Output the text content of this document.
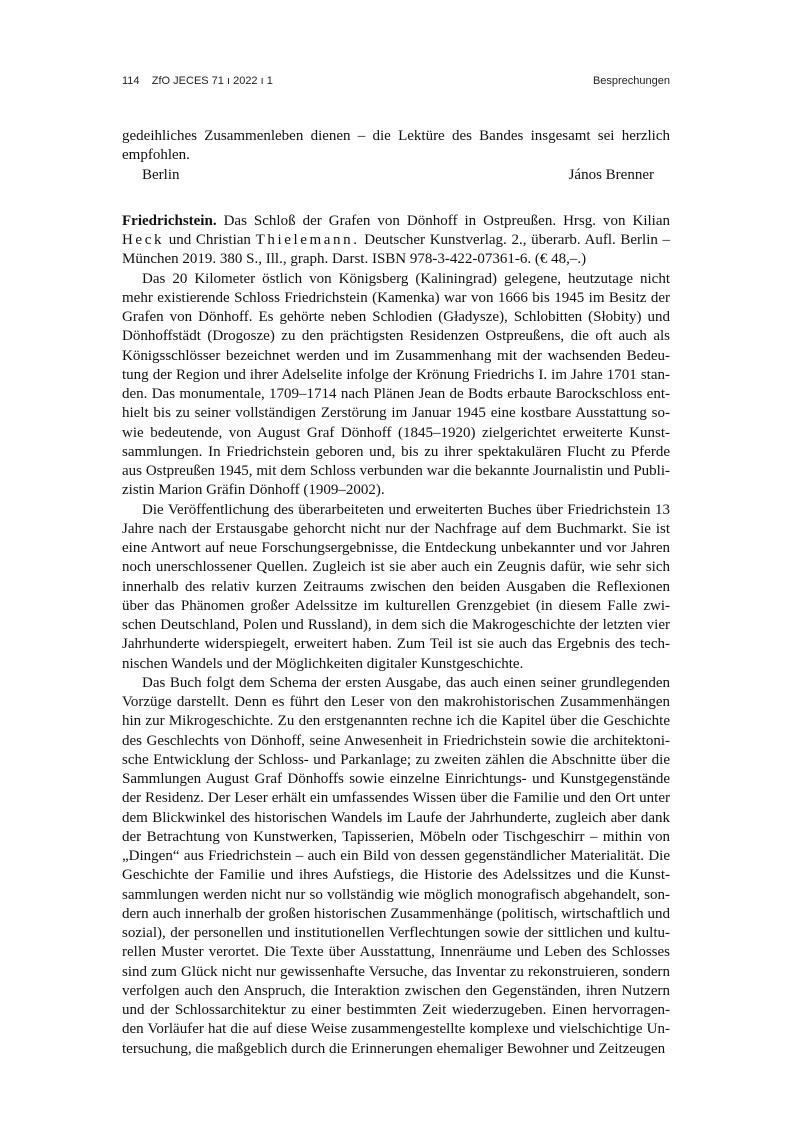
114 ZfO JECES 71 ı 2022 ı 1	Besprechungen

gedeihliches Zusammenleben dienen – die Lektüre des Bandes insgesamt sei herzlich empfohlen.

Berlin	János Brenner

Friedrichstein. Das Schloß der Grafen von Dönhoff in Ostpreußen. Hrsg. von Kilian Heck und Christian Thielemann. Deutscher Kunstverlag. 2., überarb. Aufl. Berlin – München 2019. 380 S., Ill., graph. Darst. ISBN 978-3-422-07361-6. (€ 48,–.)

Das 20 Kilometer östlich von Königsberg (Kaliningrad) gelegene, heutzutage nicht mehr existierende Schloss Friedrichstein (Kamenka) war von 1666 bis 1945 im Besitz der Grafen von Dönhoff. Es gehörte neben Schlodien (Gładysze), Schlobitten (Słobity) und Dönhoffstädt (Drogosze) zu den prächtigsten Residenzen Ostpreußens, die oft auch als Königsschlösser bezeichnet werden und im Zusammenhang mit der wachsenden Bedeutung der Region und ihrer Adelselite infolge der Krönung Friedrichs I. im Jahre 1701 standen. Das monumentale, 1709–1714 nach Plänen Jean de Bodts erbaute Barockschloss enthielt bis zu seiner vollständigen Zerstörung im Januar 1945 eine kostbare Ausstattung sowie bedeutende, von August Graf Dönhoff (1845–1920) zielgerichtet erweiterte Kunstsammlungen. In Friedrichstein geboren und, bis zu ihrer spektakulären Flucht zu Pferde aus Ostpreußen 1945, mit dem Schloss verbunden war die bekannte Journalistin und Publizistin Marion Gräfin Dönhoff (1909–2002).

Die Veröffentlichung des überarbeiteten und erweiterten Buches über Friedrichstein 13 Jahre nach der Erstausgabe gehorcht nicht nur der Nachfrage auf dem Buchmarkt. Sie ist eine Antwort auf neue Forschungsergebnisse, die Entdeckung unbekannter und vor Jahren noch unerschlossener Quellen. Zugleich ist sie aber auch ein Zeugnis dafür, wie sehr sich innerhalb des relativ kurzen Zeitraums zwischen den beiden Ausgaben die Reflexionen über das Phänomen großer Adelssitze im kulturellen Grenzgebiet (in diesem Falle zwischen Deutschland, Polen und Russland), in dem sich die Makrogeschichte der letzten vier Jahrhunderte widerspiegelt, erweitert haben. Zum Teil ist sie auch das Ergebnis des technischen Wandels und der Möglichkeiten digitaler Kunstgeschichte.

Das Buch folgt dem Schema der ersten Ausgabe, das auch einen seiner grundlegenden Vorzüge darstellt. Denn es führt den Leser von den makrohistorischen Zusammenhängen hin zur Mikrogeschichte. Zu den erstgenannten rechne ich die Kapitel über die Geschichte des Geschlechts von Dönhoff, seine Anwesenheit in Friedrichstein sowie die architektonische Entwicklung der Schloss- und Parkanlage; zu zweiten zählen die Abschnitte über die Sammlungen August Graf Dönhoffs sowie einzelne Einrichtungs- und Kunstgegenstände der Residenz. Der Leser erhält ein umfassendes Wissen über die Familie und den Ort unter dem Blickwinkel des historischen Wandels im Laufe der Jahrhunderte, zugleich aber dank der Betrachtung von Kunstwerken, Tapisserien, Möbeln oder Tischgeschirr – mithin von „Dingen“ aus Friedrichstein – auch ein Bild von dessen gegenständlicher Materialität. Die Geschichte der Familie und ihres Aufstiegs, die Historie des Adelssitzes und die Kunstsammlungen werden nicht nur so vollständig wie möglich monografisch abgehandelt, sondern auch innerhalb der großen historischen Zusammenhänge (politisch, wirtschaftlich und sozial), der personellen und institutionellen Verflechtungen sowie der sittlichen und kulturellen Muster verortet. Die Texte über Ausstattung, Innenräume und Leben des Schlosses sind zum Glück nicht nur gewissenhafte Versuche, das Inventar zu rekonstruieren, sondern verfolgen auch den Anspruch, die Interaktion zwischen den Gegenständen, ihren Nutzern und der Schlossarchitektur zu einer bestimmten Zeit wiederzugeben. Einen hervorragenden Vorläufer hat die auf diese Weise zusammengestellte komplexe und vielschichtige Untersuchung, die maßgeblich durch die Erinnerungen ehemaliger Bewohner und Zeitzeugen
